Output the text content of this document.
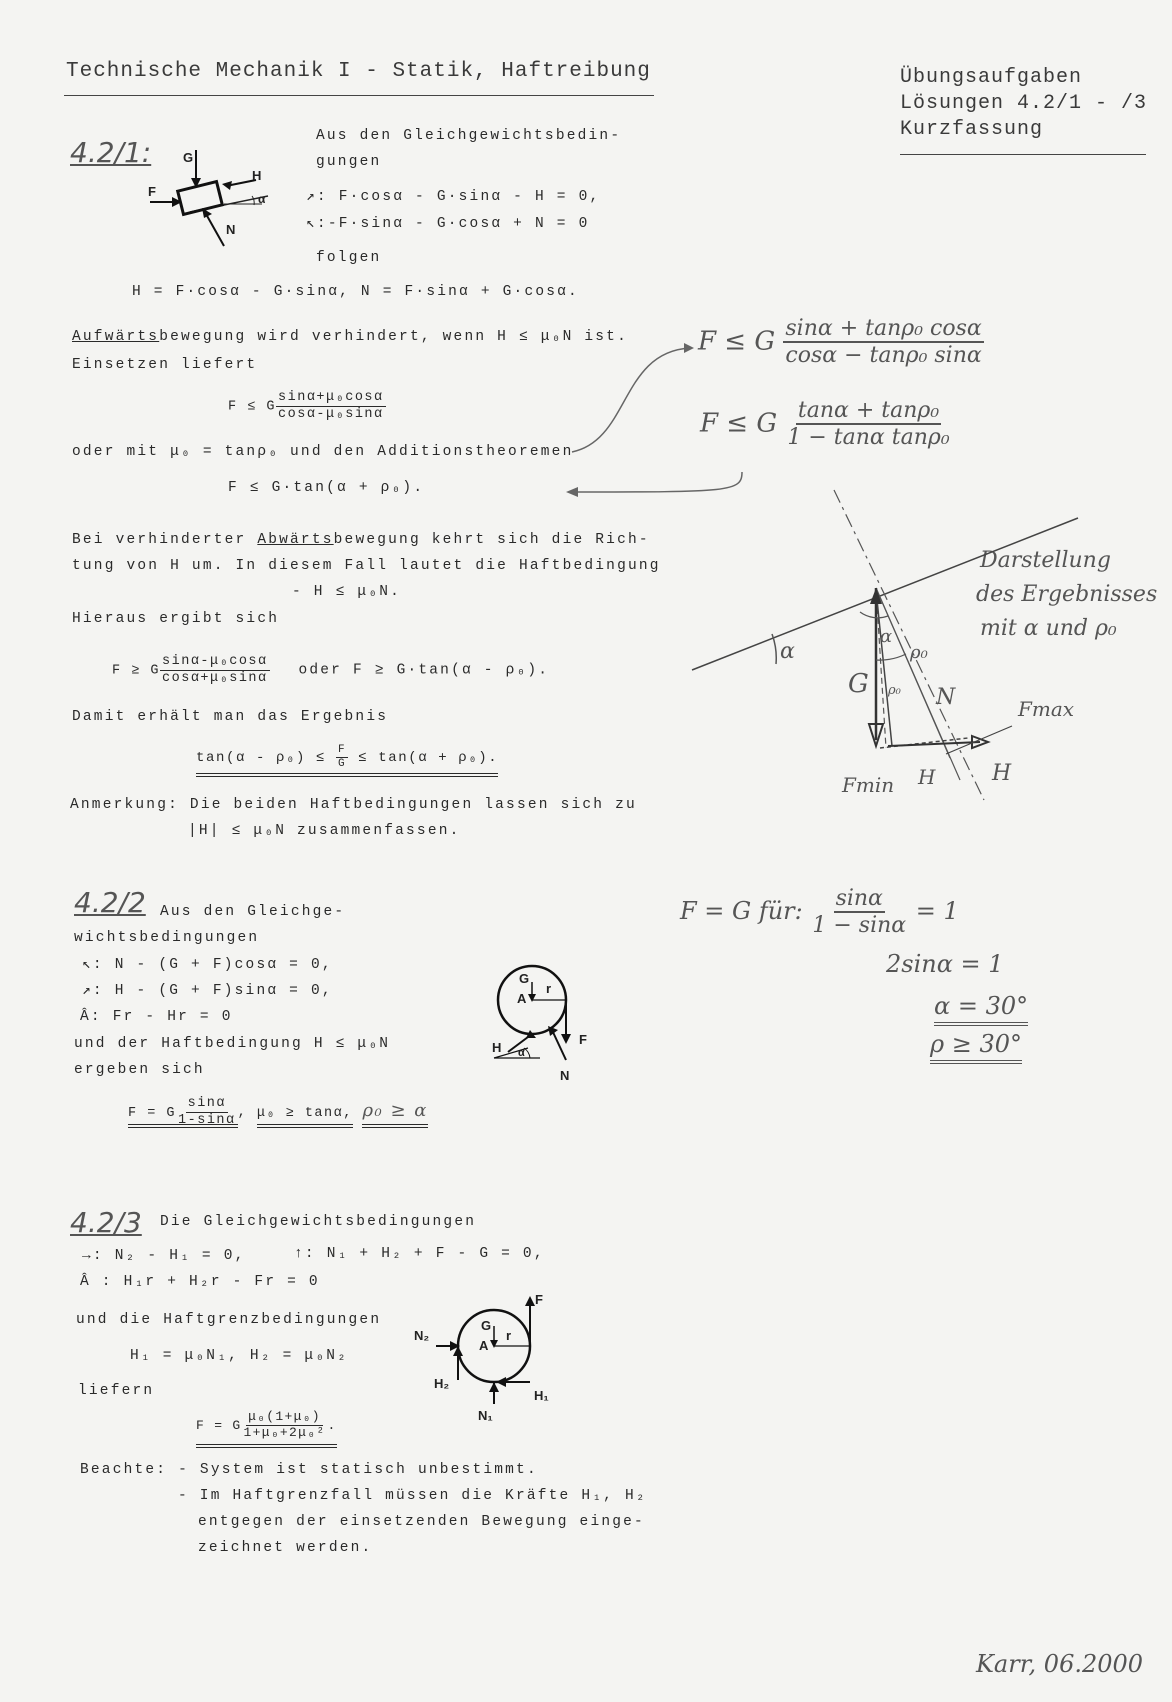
Technische Mechanik I - Statik, Haftreibung	Übungsaufgaben
Lösungen 4.2/1 - /3
Kurzfassung
4.2/1: G
F
H
N
α
Aus den Gleichgewichtsbedin-
gungen
↗: F·cosα - G·sinα - H = 0,
↖:-F·sinα - G·cosα + N = 0
folgen
H = F·cosα - G·sinα, N = F·sinα + G·cosα.
Aufwärtsbewegung wird verhindert, wenn H ≤ μ₀N ist.
Einsetzen liefert
F ≤ G $\frac{\text{sinα+μ₀cosα}}{\text{cosα-μ₀sinα}}$
oder mit μ₀ = tanρ₀ und den Additionstheoremen
F ≤ G·tan(α + ρ₀).
Bei verhinderter Abwärtsbewegung kehrt sich die Rich-
tung von H um. In diesem Fall lautet die Haftbedingung
- H ≤ μ₀N.
Hieraus ergibt sich
F ≥ G $\frac{\text{sinα-μ₀cosα}}{\text{cosα+μ₀sinα}}$ oder F ≥ G·tan(α - ρ₀).
Damit erhält man das Ergebnis
$\tan(\alpha - \rho_0) \le \frac{F}{G} \le \tan(\alpha + \rho_0)$.
Anmerkung: Die beiden Haftbedingungen lassen sich zu
|H| ≤ μ₀N zusammenfassen.
F ≤ G $\frac{\text{sinα + tanρ₀ cosα}}{\text{cosα − tanρ₀ sinα}}$
F ≤ G $\frac{\text{tanα + tanρ₀}}{\text{1 − tanα tanρ₀}}$
Darstellung
des Ergebnisses
mit α und ρ₀
α
α
ρ₀
ρ₀
G	N	Fmax
Fmin H	H
4.2/2 Aus den Gleichge-
wichtsbedingungen
↖: N - (G + F)cosα = 0,
↗: H - (G + F)sinα = 0,
Â: Fr - Hr = 0
und der Haftbedingung H ≤ μ₀N
ergeben sich
F = G $\frac{\sin\alpha}{1-\sin\alpha}$ , μ₀ ≥ tanα, ρ₀ ≥ α
G
A
r
F
H
N
α
F = G für: $\frac{\sin\alpha}{1 - \sin\alpha} = 1$
2sinα = 1
α = 30°
ρ ≥ 30°
4.2/3 Die Gleichgewichtsbedingungen
→: N₂ - H₁ = 0,	↑: N₁ + H₂ + F - G = 0,
Â : H₁r + H₂r - Fr = 0
und die Haftgrenzbedingungen
H₁ = μ₀N₁, H₂ = μ₀N₂
liefern
F = G $\frac{\text{μ₀(1+μ₀)}}{\text{1+μ₀+2μ₀²}}$ .
Beachte: - System ist statisch unbestimmt.
- Im Haftgrenzfall müssen die Kräfte H₁, H₂
entgegen der einsetzenden Bewegung einge-
zeichnet werden.
G
A
r
F
N₂
H₂
H₁
N₁
Karr, 06.2000
